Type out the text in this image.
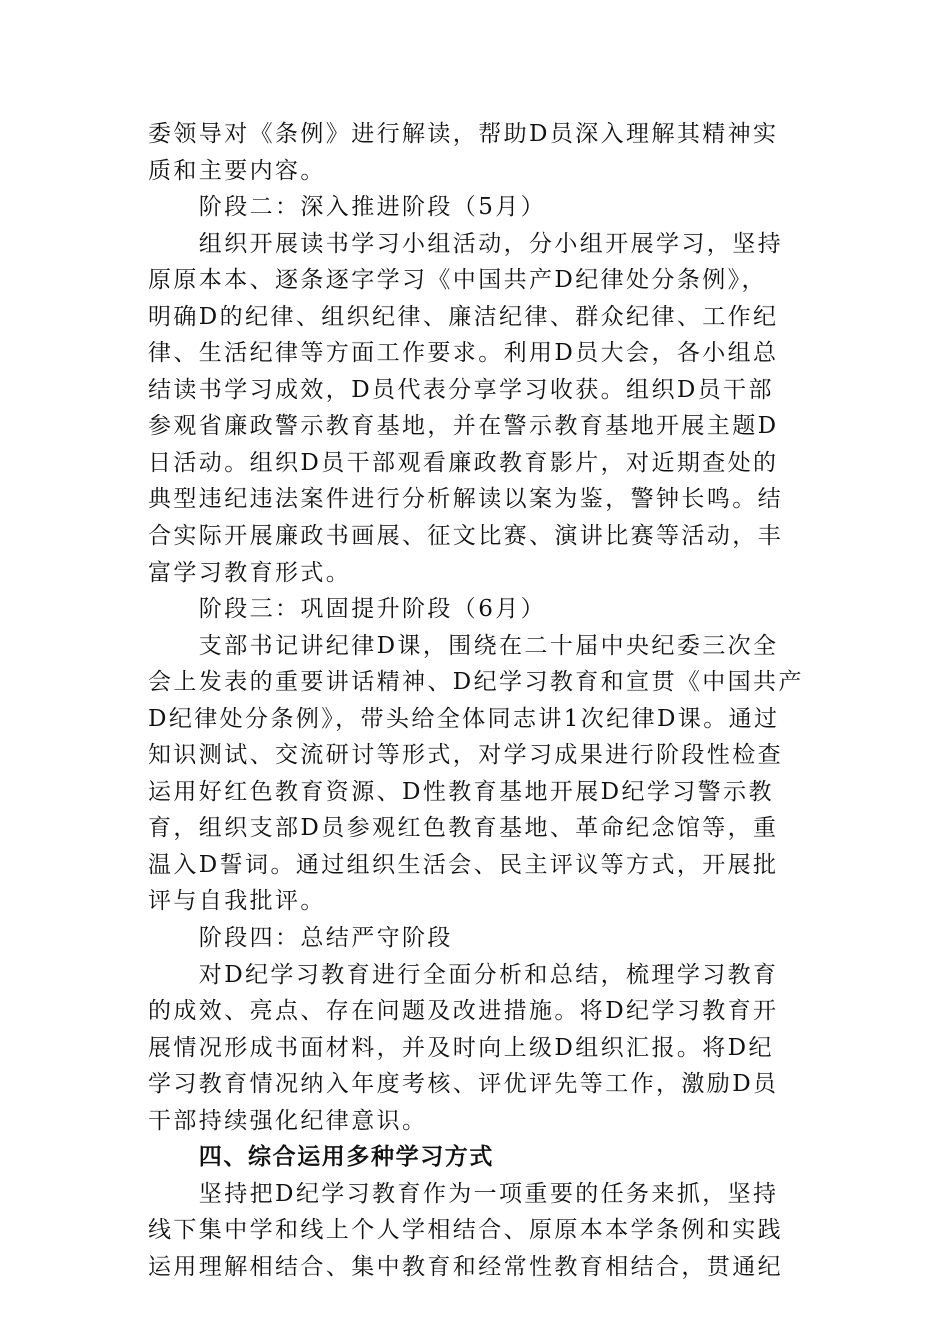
委领导对《条例》进行解读，帮助D员深入理解其精神实
质和主要内容。
阶段二：深入推进阶段（5月）
组织开展读书学习小组活动，分小组开展学习，坚持
原原本本、逐条逐字学习《中国共产D纪律处分条例》，
明确D的纪律、组织纪律、廉洁纪律、群众纪律、工作纪
律、生活纪律等方面工作要求。利用D员大会，各小组总
结读书学习成效，D员代表分享学习收获。组织D员干部
参观省廉政警示教育基地，并在警示教育基地开展主题D
日活动。组织D员干部观看廉政教育影片，对近期查处的
典型违纪违法案件进行分析解读以案为鉴，警钟长鸣。结
合实际开展廉政书画展、征文比赛、演讲比赛等活动，丰
富学习教育形式。
阶段三：巩固提升阶段（6月）
支部书记讲纪律D课，围绕在二十届中央纪委三次全
会上发表的重要讲话精神、D纪学习教育和宣贯《中国共产
D纪律处分条例》，带头给全体同志讲1次纪律D课。通过
知识测试、交流研讨等形式，对学习成果进行阶段性检查
运用好红色教育资源、D性教育基地开展D纪学习警示教
育，组织支部D员参观红色教育基地、革命纪念馆等，重
温入D誓词。通过组织生活会、民主评议等方式，开展批
评与自我批评。
阶段四：总结严守阶段
对D纪学习教育进行全面分析和总结，梳理学习教育
的成效、亮点、存在问题及改进措施。将D纪学习教育开
展情况形成书面材料，并及时向上级D组织汇报。将D纪
学习教育情况纳入年度考核、评优评先等工作，激励D员
干部持续强化纪律意识。
四、综合运用多种学习方式
坚持把D纪学习教育作为一项重要的任务来抓，坚持
线下集中学和线上个人学相结合、原原本本学条例和实践
运用理解相结合、集中教育和经常性教育相结合，贯通纪
